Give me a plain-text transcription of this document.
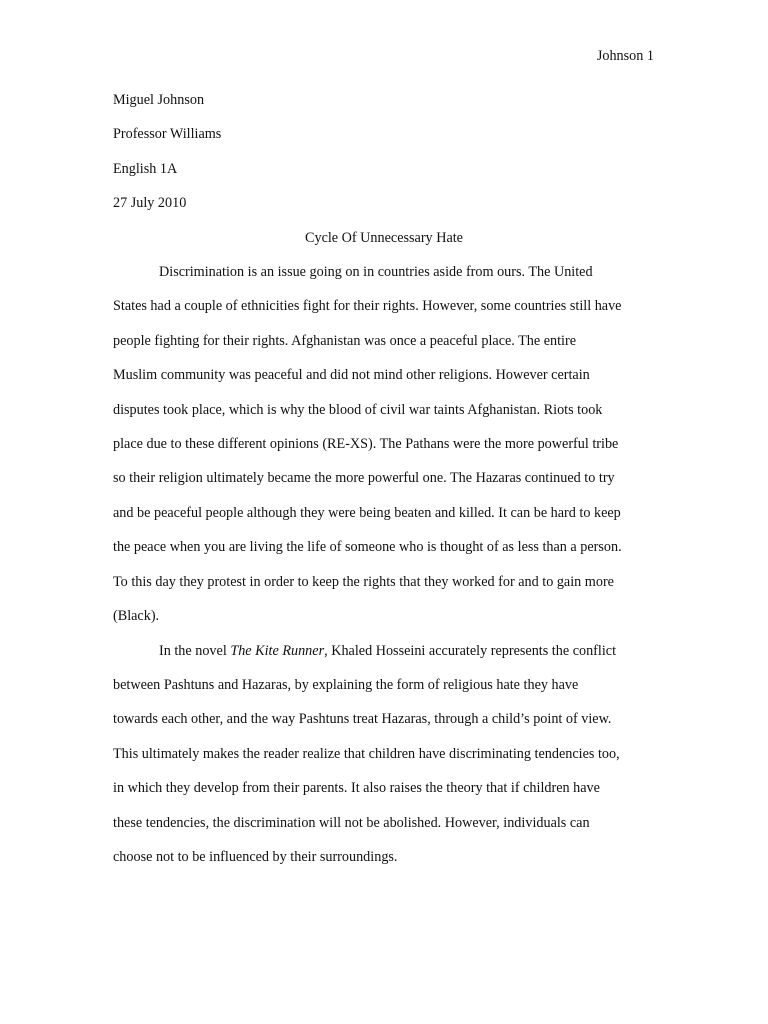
Johnson 1
Miguel Johnson
Professor Williams
English 1A
27 July 2010
Cycle Of Unnecessary Hate
Discrimination is an issue going on in countries aside from ours. The United
States had a couple of ethnicities fight for their rights. However, some countries still have
people fighting for their rights. Afghanistan was once a peaceful place. The entire
Muslim community was peaceful and did not mind other religions. However certain
disputes took place, which is why the blood of civil war taints Afghanistan. Riots took
place due to these different opinions (RE-XS). The Pathans were the more powerful tribe
so their religion ultimately became the more powerful one. The Hazaras continued to try
and be peaceful people although they were being beaten and killed. It can be hard to keep
the peace when you are living the life of someone who is thought of as less than a person.
To this day they protest in order to keep the rights that they worked for and to gain more
(Black).
In the novel The Kite Runner, Khaled Hosseini accurately represents the conflict
between Pashtuns and Hazaras, by explaining the form of religious hate they have
towards each other, and the way Pashtuns treat Hazaras, through a child’s point of view.
This ultimately makes the reader realize that children have discriminating tendencies too,
in which they develop from their parents. It also raises the theory that if children have
these tendencies, the discrimination will not be abolished. However, individuals can
choose not to be influenced by their surroundings.
